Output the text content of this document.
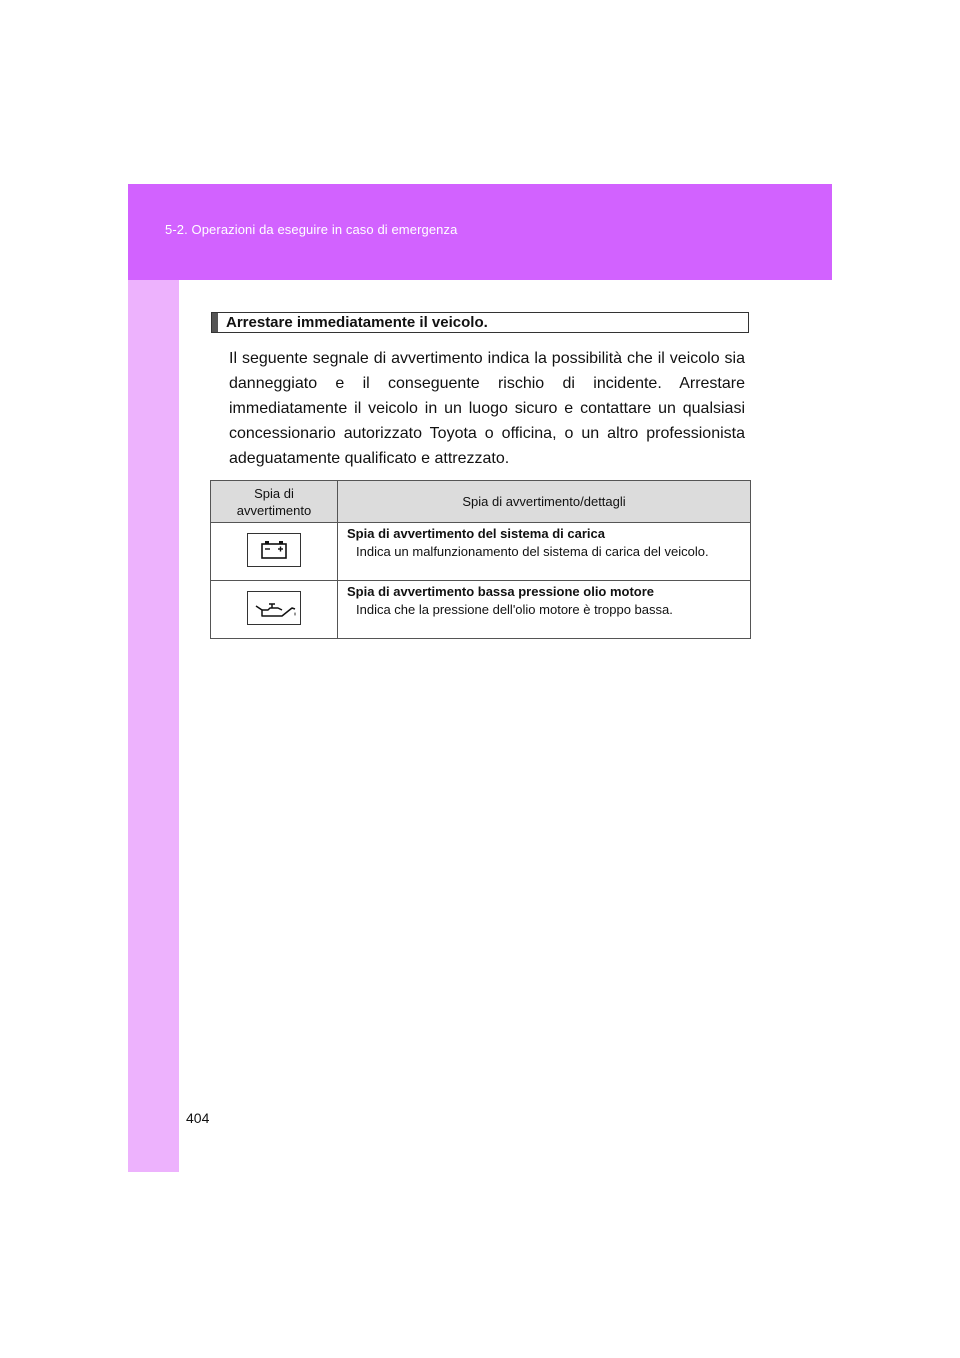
5-2. Operazioni da eseguire in caso di emergenza
404
Arrestare immediatamente il veicolo.
Il seguente segnale di avvertimento indica la possibilità che il veicolo sia danneggiato e il conseguente rischio di incidente. Arrestare immediatamente il veicolo in un luogo sicuro e contattare un qualsiasi concessionario autorizzato Toyota o officina, o un altro professionista adeguatamente qualificato e attrezzato.
Spia di avvertimento	Spia di avvertimento/dettagli

Spia di avvertimento del sistema di carica
Indica un malfunzionamento del sistema di carica del veicolo.

Spia di avvertimento bassa pressione olio motore
Indica che la pressione dell'olio motore è troppo bassa.
